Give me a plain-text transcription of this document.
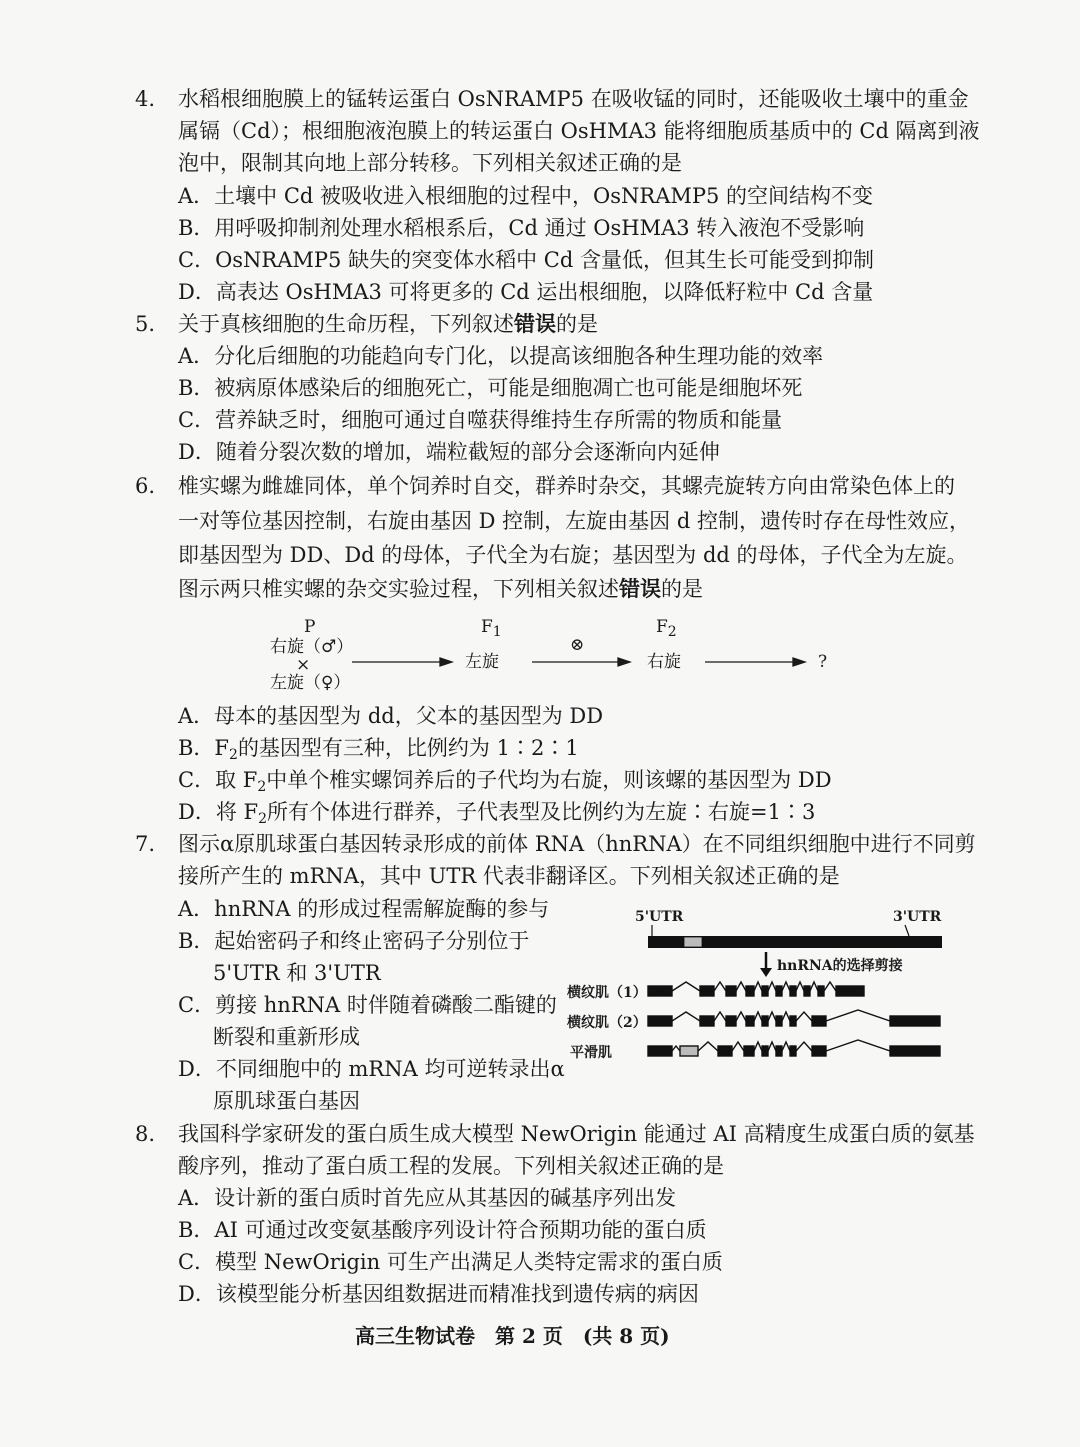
4. 水稻根细胞膜上的锰转运蛋白 OsNRAMP5 在吸收锰的同时，还能吸收土壤中的重金
属镉（Cd）；根细胞液泡膜上的转运蛋白 OsHMA3 能将细胞质基质中的 Cd 隔离到液
泡中，限制其向地上部分转移。下列相关叙述正确的是
A．土壤中 Cd 被吸收进入根细胞的过程中，OsNRAMP5 的空间结构不变
B．用呼吸抑制剂处理水稻根系后，Cd 通过 OsHMA3 转入液泡不受影响
C．OsNRAMP5 缺失的突变体水稻中 Cd 含量低，但其生长可能受到抑制
D．高表达 OsHMA3 可将更多的 Cd 运出根细胞，以降低籽粒中 Cd 含量
5. 关于真核细胞的生命历程，下列叙述错误的是
A．分化后细胞的功能趋向专门化，以提高该细胞各种生理功能的效率
B．被病原体感染后的细胞死亡，可能是细胞凋亡也可能是细胞坏死
C．营养缺乏时，细胞可通过自噬获得维持生存所需的物质和能量
D．随着分裂次数的增加，端粒截短的部分会逐渐向内延伸
6. 椎实螺为雌雄同体，单个饲养时自交，群养时杂交，其螺壳旋转方向由常染色体上的
一对等位基因控制，右旋由基因 D 控制，左旋由基因 d 控制，遗传时存在母性效应，
即基因型为 DD、Dd 的母体，子代全为右旋；基因型为 dd 的母体，子代全为左旋。
图示两只椎实螺的杂交实验过程，下列相关叙述错误的是
P
右旋（♂）
×
左旋（♀）
$F_1$
左旋
⊗
$F_2$
右旋	?
A．母本的基因型为 dd，父本的基因型为 DD
B．$F_2$的基因型有三种，比例约为 1∶2∶1
C．取 $F_2$中单个椎实螺饲养后的子代均为右旋，则该螺的基因型为 DD
D．将 $F_2$所有个体进行群养，子代表型及比例约为左旋∶右旋=1∶3
7. 图示α原肌球蛋白基因转录形成的前体 RNA（hnRNA）在不同组织细胞中进行不同剪
接所产生的 mRNA，其中 UTR 代表非翻译区。下列相关叙述正确的是
A．hnRNA 的形成过程需解旋酶的参与
B．起始密码子和终止密码子分别位于
5'UTR 和 3'UTR
C．剪接 hnRNA 时伴随着磷酸二酯键的
断裂和重新形成
D．不同细胞中的 mRNA 均可逆转录出α
原肌球蛋白基因
5'UTR	3'UTR
hnRNA的选择剪接
横纹肌（1）
横纹肌（2）
平滑肌
8. 我国科学家研发的蛋白质生成大模型 NewOrigin 能通过 AI 高精度生成蛋白质的氨基
酸序列，推动了蛋白质工程的发展。下列相关叙述正确的是
A．设计新的蛋白质时首先应从其基因的碱基序列出发
B．AI 可通过改变氨基酸序列设计符合预期功能的蛋白质
C．模型 NewOrigin 可生产出满足人类特定需求的蛋白质
D．该模型能分析基因组数据进而精准找到遗传病的病因
高三生物试卷　第 2 页　(共 8 页)
